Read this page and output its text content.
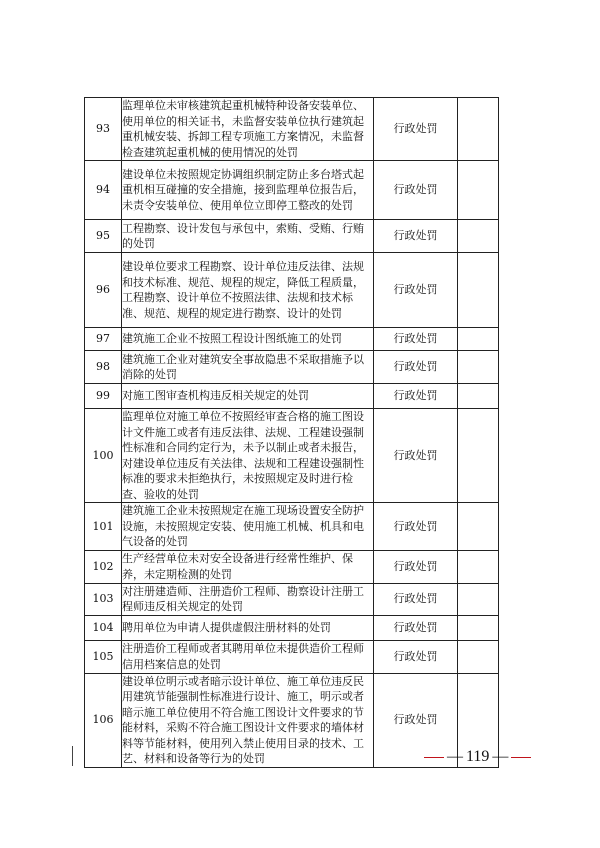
93	监理单位未审核建筑起重机械特种设备安装单位、使用单位的相关证书，未监督安装单位执行建筑起重机械安装、拆卸工程专项施工方案情况，未监督检查建筑起重机械的使用情况的处罚	行政处罚	
94	建设单位未按照规定协调组织制定防止多台塔式起重机相互碰撞的安全措施，接到监理单位报告后，未责令安装单位、使用单位立即停工整改的处罚	行政处罚	
95	工程勘察、设计发包与承包中，索贿、受贿、行贿的处罚	行政处罚	
96	建设单位要求工程勘察、设计单位违反法律、法规和技术标准、规范、规程的规定，降低工程质量，工程勘察、设计单位不按照法律、法规和技术标准、规范、规程的规定进行勘察、设计的处罚	行政处罚	
97	建筑施工企业不按照工程设计图纸施工的处罚	行政处罚	
98	建筑施工企业对建筑安全事故隐患不采取措施予以消除的处罚	行政处罚	
99	对施工图审查机构违反相关规定的处罚	行政处罚	
100	监理单位对施工单位不按照经审查合格的施工图设计文件施工或者有违反法律、法规、工程建设强制性标准和合同约定行为，未予以制止或者未报告，对建设单位违反有关法律、法规和工程建设强制性标准的要求未拒绝执行，未按照规定及时进行检查、验收的处罚	行政处罚	
101	建筑施工企业未按照规定在施工现场设置安全防护设施，未按照规定安装、使用施工机械、机具和电气设备的处罚	行政处罚	
102	生产经营单位未对安全设备进行经常性维护、保养，未定期检测的处罚	行政处罚	
103	对注册建造师、注册造价工程师、勘察设计注册工程师违反相关规定的处罚	行政处罚	
104	聘用单位为申请人提供虚假注册材料的处罚	行政处罚	
105	注册造价工程师或者其聘用单位未提供造价工程师信用档案信息的处罚	行政处罚	
106	建设单位明示或者暗示设计单位、施工单位违反民用建筑节能强制性标准进行设计、施工，明示或者暗示施工单位使用不符合施工图设计文件要求的节能材料，采购不符合施工图设计文件要求的墙体材料等节能材料，使用列入禁止使用目录的技术、工艺、材料和设备等行为的处罚	行政处罚	
— 119 —
